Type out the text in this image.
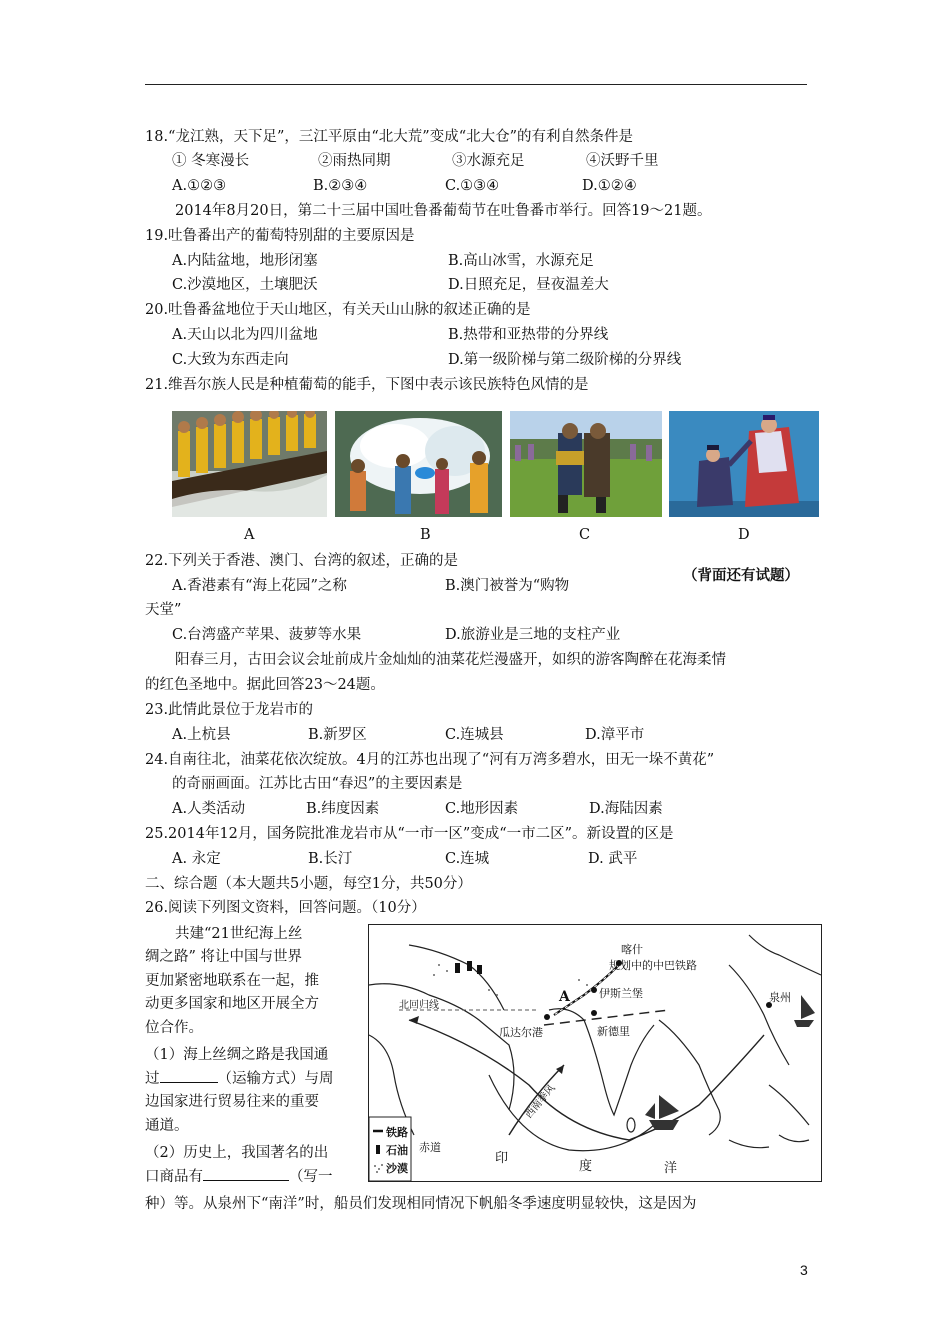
18.“龙江熟，天下足”，三江平原由“北大荒”变成“北大仓”的有利自然条件是
① 冬寒漫长	②雨热同期	③水源充足	④沃野千里
A.①②③	B.②③④	C.①③④	D.①②④
2014年8月20日，第二十三届中国吐鲁番葡萄节在吐鲁番市举行。回答19～21题。
19.吐鲁番出产的葡萄特别甜的主要原因是
A.内陆盆地，地形闭塞	B.高山冰雪，水源充足
C.沙漠地区，土壤肥沃	D.日照充足，昼夜温差大
20.吐鲁番盆地位于天山地区，有关天山山脉的叙述正确的是
A.天山以北为四川盆地	B.热带和亚热带的分界线
C.大致为东西走向	D.第一级阶梯与第二级阶梯的分界线
21.维吾尔族人民是种植葡萄的能手，下图中表示该民族特色风情的是
A	B	C	D
22.下列关于香港、澳门、台湾的叙述，正确的是
（背面还有试题）
A.香港素有“海上花园”之称	B.澳门被誉为“购物
天堂”
C.台湾盛产苹果、菠萝等水果	D.旅游业是三地的支柱产业
阳春三月，古田会议会址前成片金灿灿的油菜花烂漫盛开，如织的游客陶醉在花海柔情
的红色圣地中。据此回答23～24题。
23.此情此景位于龙岩市的
A.上杭县	B.新罗区	C.连城县	D.漳平市
24.自南往北，油菜花依次绽放。4月的江苏也出现了“河有万湾多碧水，田无一垛不黄花”
的奇丽画面。江苏比古田“春迟”的主要因素是
A.人类活动	B.纬度因素	C.地形因素	D.海陆因素
25.2014年12月，国务院批准龙岩市从“一市一区”变成“一市二区”。新设置的区是
A. 永定	B.长汀	C.连城	D. 武平
二、综合题（本大题共5小题，每空1分，共50分）
26.阅读下列图文资料，回答问题。（10分）
共建“21世纪海上丝
绸之路” 将让中国与世界
更加紧密地联系在一起，推
动更多国家和地区开展全方
位合作。
（1）海上丝绸之路是我国通
过	（运输方式）与周
边国家进行贸易往来的重要
通道。
（2）历史上，我国著名的出
口商品有	（写一
种）等。从泉州下“南洋”时，船员们发现相同情况下帆船冬季速度明显较快，这是因为
喀什
规划中的中巴铁路
伊斯兰堡	泉州
北回归线
A
瓜达尔港	新德里
西南季风
赤道
印
度	洋
铁路
石油
沙漠
3
